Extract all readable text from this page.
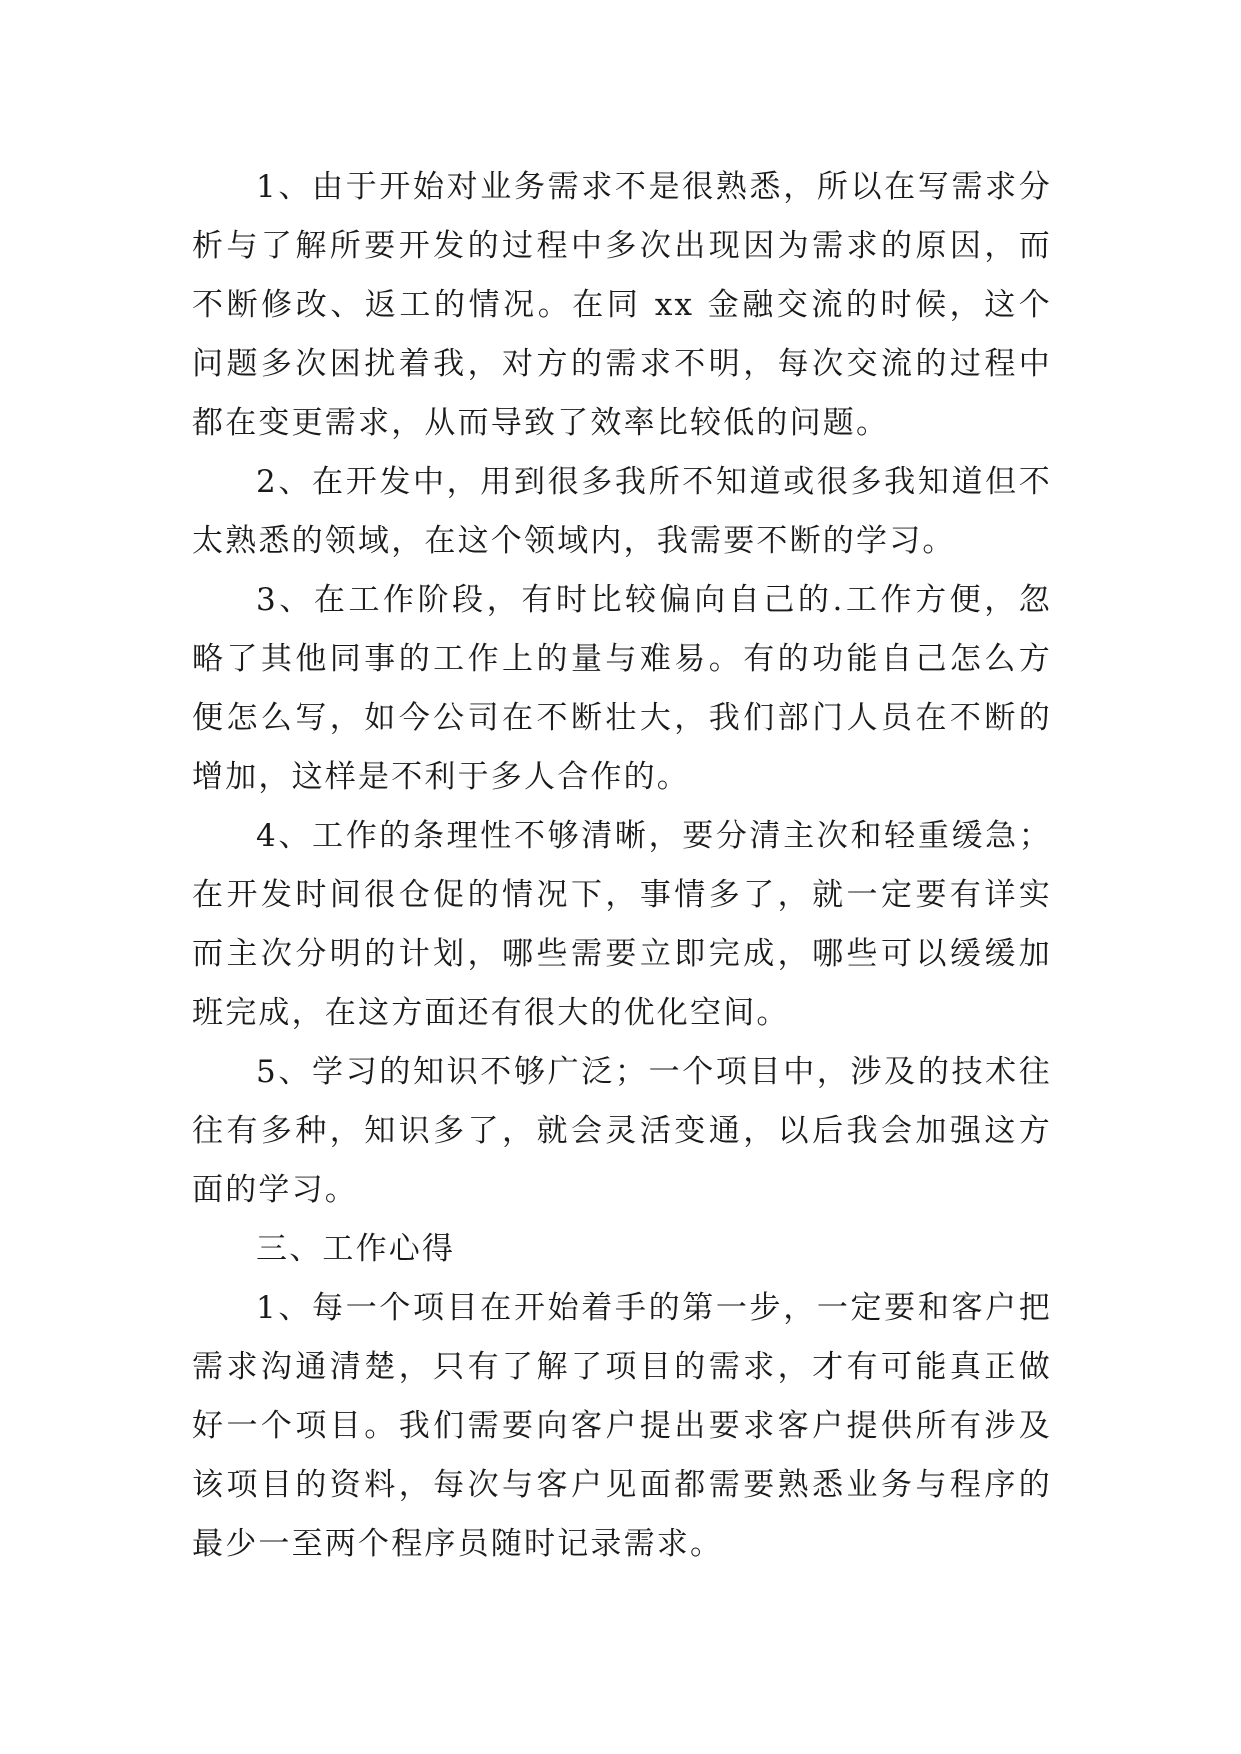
1、由于开始对业务需求不是很熟悉，所以在写需求分析与了解所要开发的过程中多次出现因为需求的原因，而不断修改、返工的情况。在同 xx 金融交流的时候，这个问题多次困扰着我，对方的需求不明，每次交流的过程中都在变更需求，从而导致了效率比较低的问题。

2、在开发中，用到很多我所不知道或很多我知道但不太熟悉的领域，在这个领域内，我需要不断的学习。

3、在工作阶段，有时比较偏向自己的.工作方便，忽略了其他同事的工作上的量与难易。有的功能自己怎么方便怎么写，如今公司在不断壮大，我们部门人员在不断的增加，这样是不利于多人合作的。

4、工作的条理性不够清晰，要分清主次和轻重缓急；在开发时间很仓促的情况下，事情多了，就一定要有详实而主次分明的计划，哪些需要立即完成，哪些可以缓缓加班完成，在这方面还有很大的优化空间。

5、学习的知识不够广泛；一个项目中，涉及的技术往往有多种，知识多了，就会灵活变通，以后我会加强这方面的学习。

三、工作心得

1、每一个项目在开始着手的第一步，一定要和客户把需求沟通清楚，只有了解了项目的需求，才有可能真正做好一个项目。我们需要向客户提出要求客户提供所有涉及该项目的资料，每次与客户见面都需要熟悉业务与程序的最少一至两个程序员随时记录需求。
